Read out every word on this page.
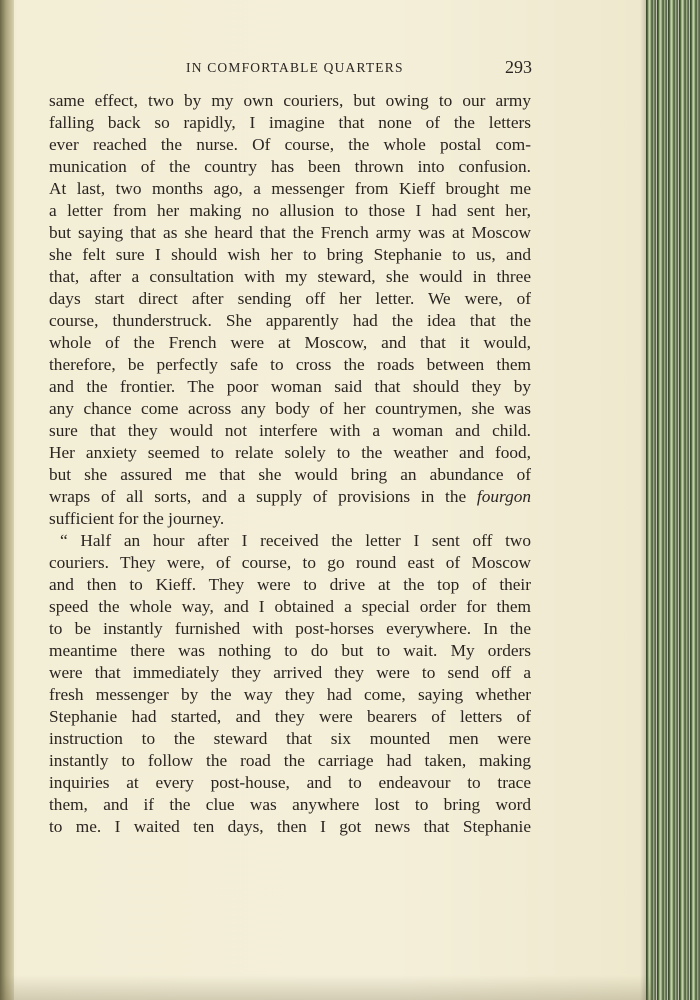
IN COMFORTABLE QUARTERS	293
same effect, two by my own couriers, but owing to our army
falling back so rapidly, I imagine that none of the letters
ever reached the nurse. Of course, the whole postal com-
munication of the country has been thrown into confusion.
At last, two months ago, a messenger from Kieff brought me
a letter from her making no allusion to those I had sent her,
but saying that as she heard that the French army was at Moscow
she felt sure I should wish her to bring Stephanie to us, and
that, after a consultation with my steward, she would in three
days start direct after sending off her letter. We were, of
course, thunderstruck. She apparently had the idea that the
whole of the French were at Moscow, and that it would,
therefore, be perfectly safe to cross the roads between them
and the frontier. The poor woman said that should they by
any chance come across any body of her countrymen, she was
sure that they would not interfere with a woman and child.
Her anxiety seemed to relate solely to the weather and food,
but she assured me that she would bring an abundance of
wraps of all sorts, and a supply of provisions in the fourgon
sufficient for the journey.
“ Half an hour after I received the letter I sent off two
couriers. They were, of course, to go round east of Moscow
and then to Kieff. They were to drive at the top of their
speed the whole way, and I obtained a special order for them
to be instantly furnished with post-horses everywhere. In the
meantime there was nothing to do but to wait. My orders
were that immediately they arrived they were to send off a
fresh messenger by the way they had come, saying whether
Stephanie had started, and they were bearers of letters of
instruction to the steward that six mounted men were
instantly to follow the road the carriage had taken, making
inquiries at every post-house, and to endeavour to trace
them, and if the clue was anywhere lost to bring word
to me. I waited ten days, then I got news that Stephanie
